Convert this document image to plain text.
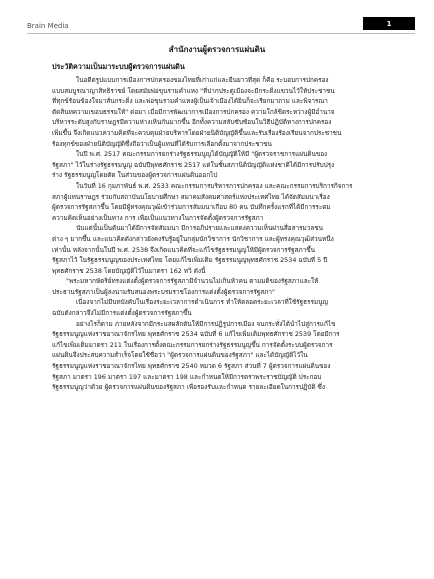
Brain Media	1
สำนักงานผู้ตรวจการแผ่นดิน
ประวัติความเป็นมาระบบผู้ตรวจการแผ่นดิน
ในอดีตรูปแบบการเมืองการปกครองของไทยที่เก่าแก่และยืนยาวที่สุด ก็คือ ระบอบการปกครอง
แบบสมบูรณาญาสิทธิราชย์ โดยสมัยพ่อขุนรามคำแหง "ที่ปากประตูเมืองจะมีกระดิ่งแขวนไว้ให้ประชาชน
ที่ทุกข์ร้อนข้องใจมาสั่นกระดิ่ง และพ่อขุนรามคำแหงผู้เป็นเจ้าเมืองได้ยินก็จะเรียกมาถาม และพิจารณา
ตัดสินทความเขอบธรรมให้" ต่อมา เมื่อมีการพัฒนาการเมืองการปกครอง ความใกล้ชิดระหว่างผู้มีอำนาจ
บริหารระดับสูงกับราษฎรมีความห่างเหินกันมากขึ้น อีกทั้งความสลับซับซ้อนในวิธีปฏิบัติทางการปกครอง
เพิ่มขึ้น จึงเกิดแนวความคิดที่จะควบคุมฝ่ายบริหารโดยฝ่ายนิติบัญญัติขึ้นและรับเรื่องร้องเรียนจากประชาชน
ร้องทุกข์ของฝ่ายนิติบัญญัติซึ่งถือว่าเป็นผู้แทนที่ได้รับการเลือกตั้งมาจากประชาชน
ในปี พ.ศ. 2517 คณะกรรมการยกร่างรัฐธรรมนูญได้บัญญัติให้มี "ผู้ตรวจราชการแผ่นดินของ
รัฐสภา" ไว้ในร่างรัฐธรรมนูญ ฉบับปีพุทธศักราช 2517 แต่ในชั้นสภานิติบัญญัติแห่งชาติได้มีการปรับปรุง
ร่าง รัฐธรรมนูญโดยตัด ในส่วนของผู้ตรวจการแผ่นดินออกไป
ในวันที่ 16 กุมภาพันธ์ พ.ศ. 2533 คณะกรรมการบริหารการปกครอง และคณะกรรมการบริการกิจการ
สภาผู้แทนราษฎร ร่วมกับสถาบันนโยบายศึกษา สมาคมสังคมศาสตร์แห่งประเทศไทย ได้จัดสัมมนาเรื่อง
ผู้ตรวจการรัฐสภาขึ้น โดยมีผู้ทรงคุณวุฒิเข้าร่วมการสัมมนาเกือบ 80 คน บันทึกครั้งแรกที่ได้มีการระดม
ความคิดเห็นอย่างเป็นทาง การ เพื่อเป็นแนวทางในการจัดตั้งผู้ตรวจการรัฐสภา
นับแต่นั้นเป็นต้นมาได้มีการจัดสัมมนา มีการอภิปรายและแสดงความเห็นผ่านสื่อสารมวลชน
ต่าง ๆ มากขึ้น และแนวคิดดังกล่าวยังคงรับรู้อยู่ในกลุ่มนักวิชาการ นักวิชาการ และผู้ทรงคุณวุฒิส่วนหนึ่ง
เท่านั้น หลังจากนั้นในปี พ.ศ. 2538 จึงเกิดแนวคิดที่จะแก้ไขรัฐธรรมนูญให้มีผู้ตรวจการรัฐสภาขึ้น
รัฐสภาไว้ ในรัฐธรรมนูญของประเทศไทย โดยแก้ไขเพิ่มเติม รัฐธรรมนูญพุทธศักราช 2534 ฉบับที่ 5 ปี
พุทธศักราช 2538 โดยบัญญัติไว้ในมาตรา 162 ทวิ ดังนี้
"พระมหากษัตริย์ทรงแต่งตั้งผู้ตรวจการรัฐสภามีจำนวนไม่เกินห้าคน ตามมติของรัฐสภาและให้
ประธานรัฐสภาเป็นผู้ลงนามรับสนองพระบรมราชโองการแต่งตั้งผู้ตรวจการรัฐสภา"
เนื่องจากไม่มีบทบังคับในเรื่องระยะเวลาการดำเนินการ ทำให้ตลอดระยะเวลาที่ใช้รัฐธรรมนูญ
ฉบับดังกล่าวจึงไม่มีการแต่งตั้งผู้ตรวจการรัฐสภาขึ้น
อย่างไรก็ตาม ภายหลังจากมีกระแสผลักดันให้มีการปฏิรูปการเมือง จนกระทั่งได้นำไปสู่การแก้ไข
รัฐธรรมนูญแห่งราชอาณาจักรไทย พุทธศักราช 2534 ฉบับที่ 6 แก้ไขเพิ่มเติมพุทธศักราช 2539 โดยมีการ
แก้ไขเพิ่มเติมมาตรา 211 ในเรื่องการตั้งคณะกรรมการยกร่างรัฐธรรมนูญขึ้น การจัดตั้งระบบผู้ตรวจการ
แผ่นดินจึงประสบความสำเร็จโดยใช้ชื่อว่า "ผู้ตรวจการแผ่นดินของรัฐสภา" และได้บัญญัติไว้ใน
รัฐธรรมนูญแห่งราชอาณาจักรไทย พุทธศักราช 2540 หมวด 6 รัฐสภา ส่วนที่ 7 ผู้ตรวจการแผ่นดินของ
รัฐสภา มาตรา 196 มาตรา 197 และมาตรา 198 และกำหนดให้มีการตราพระราชบัญญัติ ประกอบ
รัฐธรรมนูญว่าด้วย ผู้ตรวจการแผ่นดินของรัฐสภา เพื่อรองรับและกำหนด รายละเอียดในการปฏิบัติ ซึ่ง
